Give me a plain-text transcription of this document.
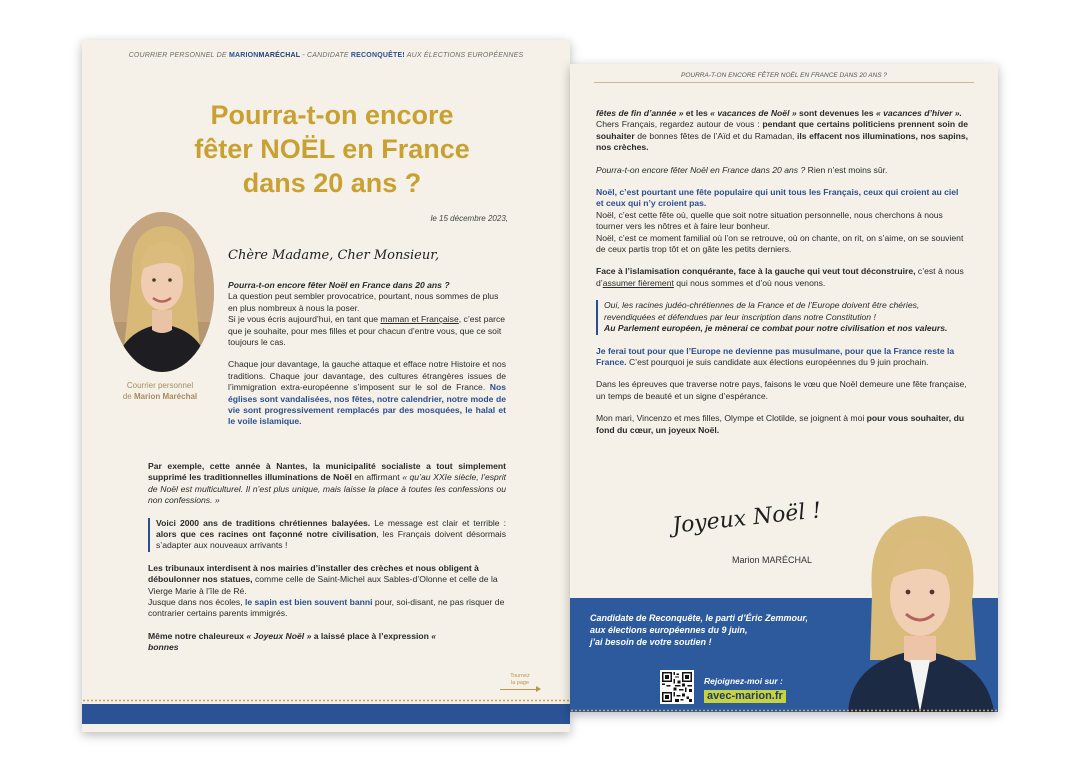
COURRIER PERSONNEL DE MARIONMARÉCHAL - CANDIDATE RECONQUÊTE! AUX ÉLECTIONS EUROPÉENNES
Pourra-t-on encore
fêter NOËL en France
dans 20 ans ?
le 15 décembre 2023,
Courrier personnel
de Marion Maréchal
Chère Madame, Cher Monsieur,

Pourra-t-on encore fêter Noël en France dans 20 ans ?
La question peut sembler provocatrice, pourtant, nous sommes de plus en plus nombreux à nous la poser.
Si je vous écris aujourd’hui, en tant que maman et Française, c’est parce que je souhaite, pour mes filles et pour chacun d’entre vous, que ce soit toujours le cas.

Chaque jour davantage, la gauche attaque et efface notre Histoire et nos traditions. Chaque jour davantage, des cultures étrangères issues de l’immigration extra-européenne s’imposent sur le sol de France. Nos églises sont vandalisées, nos fêtes, notre calendrier, notre mode de vie sont progressivement remplacés par des mosquées, le halal et le voile islamique.

Par exemple, cette année à Nantes, la municipalité socialiste a tout simplement supprimé les traditionnelles illuminations de Noël en affirmant « qu’au XXIe siècle, l’esprit de Noël est multiculturel. Il n’est plus unique, mais laisse la place à toutes les confessions ou non confessions. »

Voici 2000 ans de traditions chrétiennes balayées. Le message est clair et terrible : alors que ces racines ont façonné notre civilisation, les Français doivent désormais s’adapter aux nouveaux arrivants !

Les tribunaux interdisent à nos mairies d’installer des crèches et nous obligent à déboulonner nos statues, comme celle de Saint-Michel aux Sables-d’Olonne et celle de la Vierge Marie à l’île de Ré.
Jusque dans nos écoles, le sapin est bien souvent banni pour, soi-disant, ne pas risquer de contrarier certains parents immigrés.

Même notre chaleureux « Joyeux Noël » a laissé place à l’expression « bonnes

Tournez
la page
POURRA-T-ON ENCORE FÊTER NOËL EN FRANCE DANS 20 ANS ?

fêtes de fin d’année » et les « vacances de Noël » sont devenues les « vacances d’hiver ».

Chers Français, regardez autour de vous : pendant que certains politiciens prennent soin de souhaiter de bonnes fêtes de l’Aïd et du Ramadan, ils effacent nos illuminations, nos sapins, nos crèches.

Pourra-t-on encore fêter Noël en France dans 20 ans ? Rien n’est moins sûr.

Noël, c’est pourtant une fête populaire qui unit tous les Français, ceux qui croient au ciel et ceux qui n’y croient pas.
Noël, c’est cette fête où, quelle que soit notre situation personnelle, nous cherchons à nous tourner vers les nôtres et à faire leur bonheur.
Noël, c’est ce moment familial où l’on se retrouve, où on chante, on rit, on s’aime, on se souvient de ceux partis trop tôt et on gâte les petits derniers.

Face à l’islamisation conquérante, face à la gauche qui veut tout déconstruire, c’est à nous d’assumer fièrement qui nous sommes et d’où nous venons.

Oui, les racines judéo-chrétiennes de la France et de l’Europe doivent être chéries, revendiquées et défendues par leur inscription dans notre Constitution !
Au Parlement européen, je mènerai ce combat pour notre civilisation et nos valeurs.

Je ferai tout pour que l’Europe ne devienne pas musulmane, pour que la France reste la France. C’est pourquoi je suis candidate aux élections européennes du 9 juin prochain.

Dans les épreuves que traverse notre pays, faisons le vœu que Noël demeure une fête française, un temps de beauté et un signe d’espérance.

Mon mari, Vincenzo et mes filles, Olympe et Clotilde, se joignent à moi pour vous souhaiter, du fond du cœur, un joyeux Noël.

Joyeux Noël !
Marion MARÉCHAL
Candidate de Reconquête, le parti d’Éric Zemmour,
aux élections européennes du 9 juin,
j’ai besoin de votre soutien !
Rejoignez-moi sur :
avec-marion.fr
